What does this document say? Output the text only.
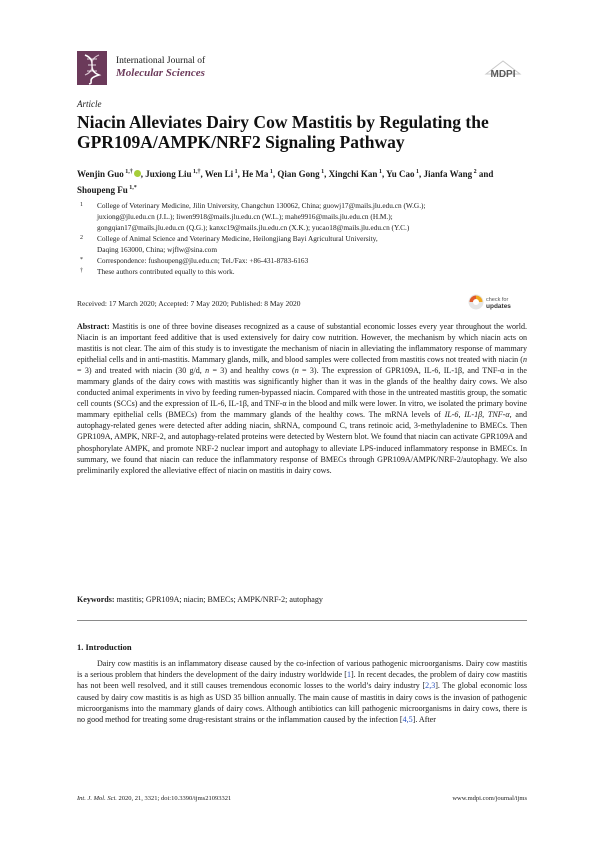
International Journal of
Molecular Sciences	MDPI
Article
Niacin Alleviates Dairy Cow Mastitis by Regulating the GPR109A/AMPK/NRF2 Signaling Pathway
Wenjin Guo $^{1,\dagger}$ , Juxiong Liu $^{1,\dagger}$, Wen Li $^1$, He Ma $^1$, Qian Gong $^1$, Xingchi Kan $^1$, Yu Cao $^1$, Jianfa Wang $^2$ and Shoupeng Fu $^{1,*}$
1	College of Veterinary Medicine, Jilin University, Changchun 130062, China; guowj17@mails.jlu.edu.cn (W.G.);
juxiong@jlu.edu.cn (J.L.); liwen9918@mails.jlu.edu.cn (W.L.); mahe9916@mails.jlu.edu.cn (H.M.);
gongqian17@mails.jlu.edu.cn (Q.G.); kanxc19@mails.jlu.edu.cn (X.K.); yucao18@mails.jlu.edu.cn (Y.C.)
2	College of Animal Science and Veterinary Medicine, Heilongjiang Bayi Agricultural University,
Daqing 163000, China; wjflw@sina.com
*	Correspondence: fushoupeng@jlu.edu.cn; Tel./Fax: +86-431-8783-6163
†	These authors contributed equally to this work.
Received: 17 March 2020; Accepted: 7 May 2020; Published: 8 May 2020	check for
updates
Abstract: Mastitis is one of three bovine diseases recognized as a cause of substantial economic losses every year throughout the world. Niacin is an important feed additive that is used extensively for dairy cow nutrition. However, the mechanism by which niacin acts on mastitis is not clear. The aim of this study is to investigate the mechanism of niacin in alleviating the inflammatory response of mammary epithelial cells and in anti-mastitis. Mammary glands, milk, and blood samples were collected from mastitis cows not treated with niacin (n = 3) and treated with niacin (30 g/d, n = 3) and healthy cows (n = 3). The expression of GPR109A, IL-6, IL-1β, and TNF-α in the mammary glands of the dairy cows with mastitis was significantly higher than it was in the glands of the healthy dairy cows. We also conducted animal experiments in vivo by feeding rumen-bypassed niacin. Compared with those in the untreated mastitis group, the somatic cell counts (SCCs) and the expression of IL-6, IL-1β, and TNF-α in the blood and milk were lower. In vitro, we isolated the primary bovine mammary epithelial cells (BMECs) from the mammary glands of the healthy cows. The mRNA levels of IL-6, IL-1β, TNF-α, and autophagy-related genes were detected after adding niacin, shRNA, compound C, trans retinoic acid, 3-methyladenine to BMECs. Then GPR109A, AMPK, NRF-2, and autophagy-related proteins were detected by Western blot. We found that niacin can activate GPR109A and phosphorylate AMPK, and promote NRF-2 nuclear import and autophagy to alleviate LPS-induced inflammatory response in BMECs. In summary, we found that niacin can reduce the inflammatory response of BMECs through GPR109A/AMPK/NRF-2/autophagy. We also preliminarily explored the alleviative effect of niacin on mastitis in dairy cows.
Keywords: mastitis; GPR109A; niacin; BMECs; AMPK/NRF-2; autophagy
1. Introduction
Dairy cow mastitis is an inflammatory disease caused by the co-infection of various pathogenic microorganisms. Dairy cow mastitis is a serious problem that hinders the development of the dairy industry worldwide [1]. In recent decades, the problem of dairy cow mastitis has not been well resolved, and it still causes tremendous economic losses to the world’s dairy industry [2,3]. The global economic loss caused by dairy cow mastitis is as high as USD 35 billion annually. The main cause of mastitis in dairy cows is the invasion of pathogenic microorganisms into the mammary glands of dairy cows. Although antibiotics can kill pathogenic microorganisms in dairy cows, there is no good method for treating some drug-resistant strains or the inflammation caused by the infection [4,5]. After
Int. J. Mol. Sci. 2020, 21, 3321; doi:10.3390/ijms21093321	www.mdpi.com/journal/ijms
